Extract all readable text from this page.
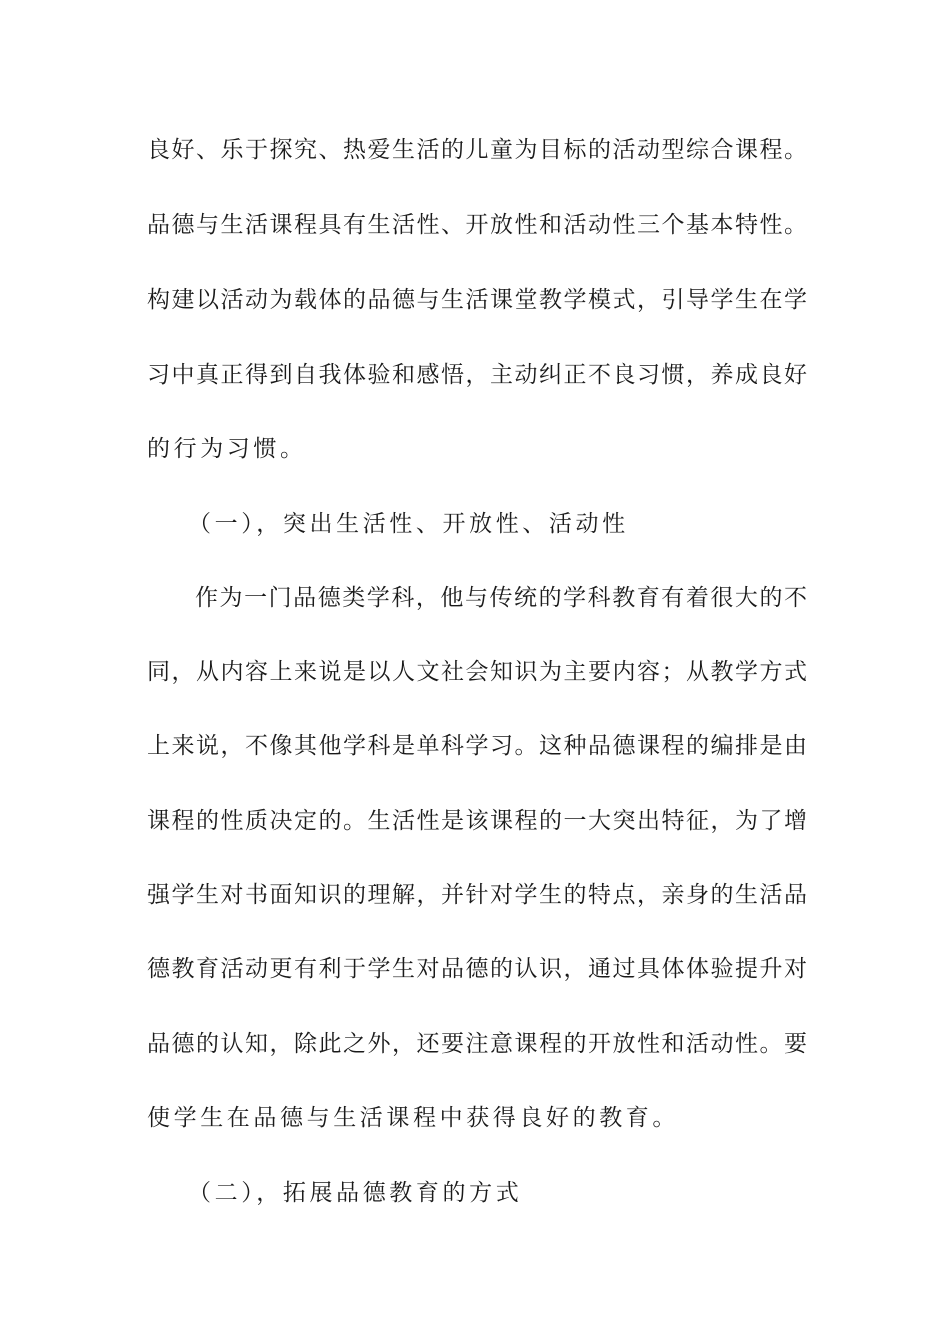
良好、乐于探究、热爱生活的儿童为目标的活动型综合课程。
品德与生活课程具有生活性、开放性和活动性三个基本特性。
构建以活动为载体的品德与生活课堂教学模式，引导学生在学
习中真正得到自我体验和感悟，主动纠正不良习惯，养成良好
的行为习惯。
（一），突出生活性、开放性、活动性
作为一门品德类学科，他与传统的学科教育有着很大的不
同，从内容上来说是以人文社会知识为主要内容；从教学方式
上来说，不像其他学科是单科学习。这种品德课程的编排是由
课程的性质决定的。生活性是该课程的一大突出特征，为了增
强学生对书面知识的理解，并针对学生的特点，亲身的生活品
德教育活动更有利于学生对品德的认识，通过具体体验提升对
品德的认知，除此之外，还要注意课程的开放性和活动性。要
使学生在品德与生活课程中获得良好的教育。
（二），拓展品德教育的方式
